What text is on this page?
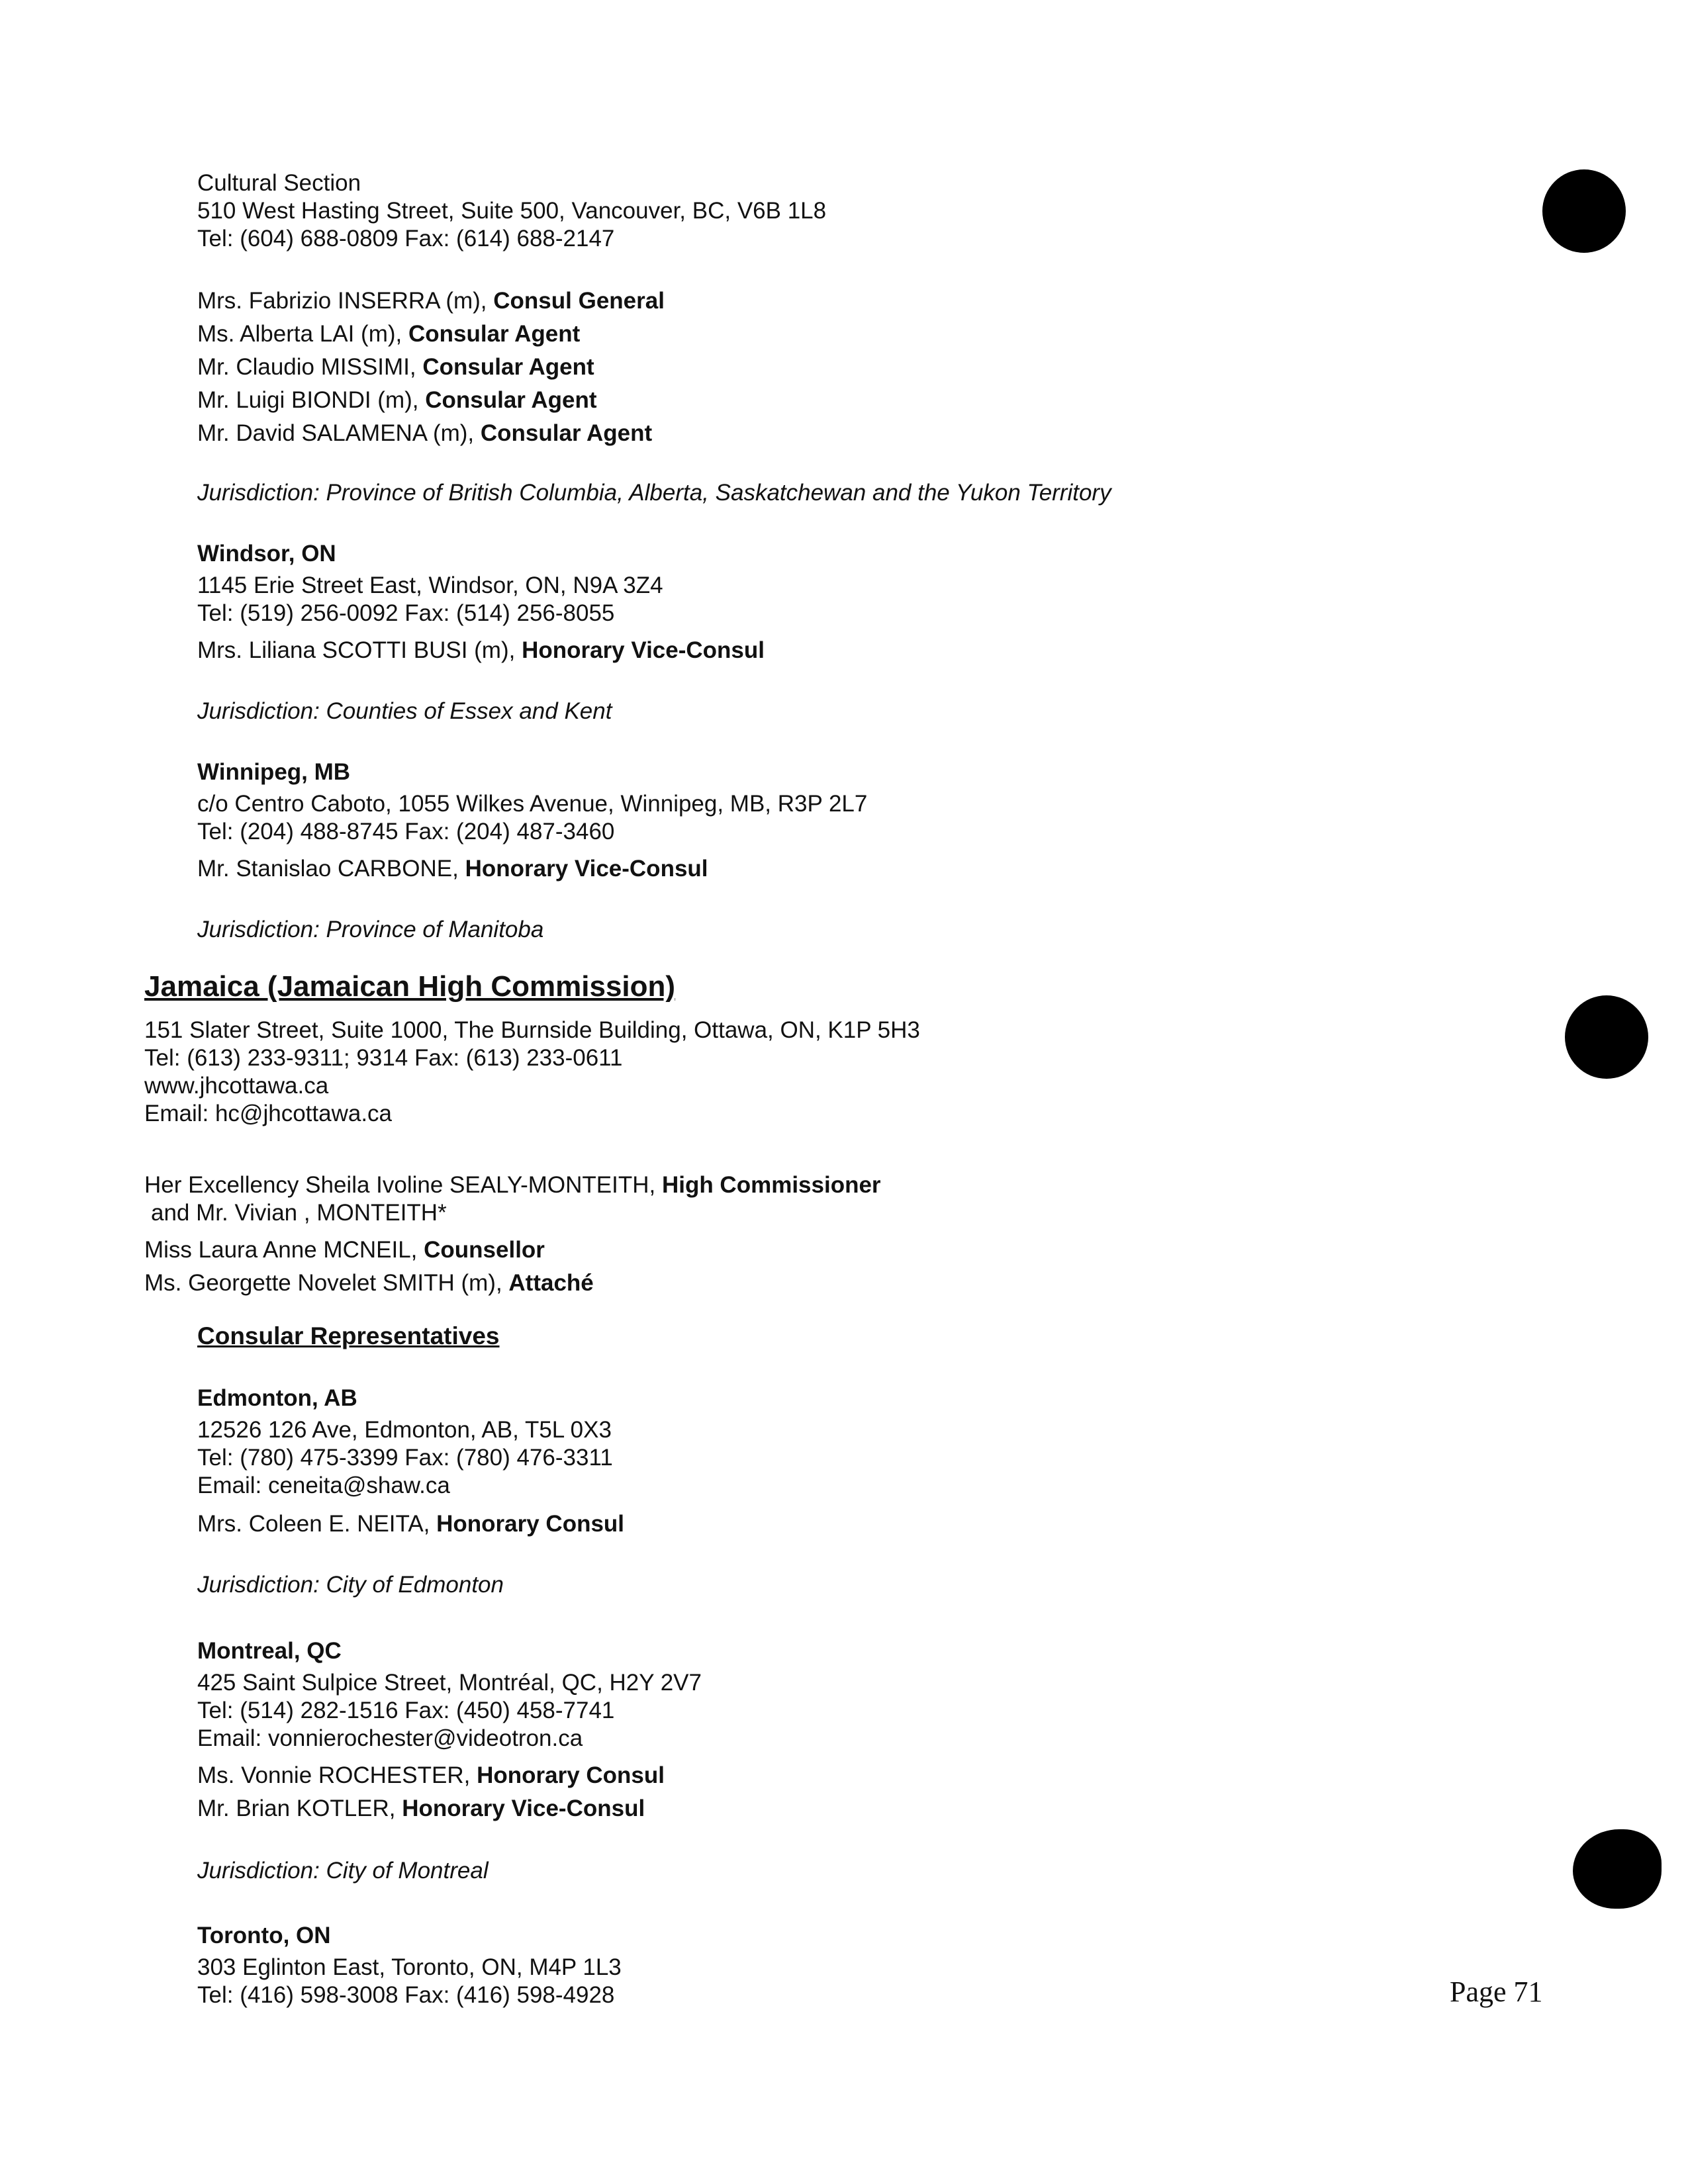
Cultural Section
510 West Hasting Street, Suite 500, Vancouver, BC, V6B 1L8
Tel: (604) 688-0809 Fax: (614) 688-2147
Mrs. Fabrizio INSERRA (m), Consul General
Ms. Alberta LAI (m), Consular Agent
Mr. Claudio MISSIMI, Consular Agent
Mr. Luigi BIONDI (m), Consular Agent
Mr. David SALAMENA (m), Consular Agent
Jurisdiction: Province of British Columbia, Alberta, Saskatchewan and the Yukon Territory
Windsor, ON
1145 Erie Street East, Windsor, ON, N9A 3Z4
Tel: (519) 256-0092 Fax: (514) 256-8055
Mrs. Liliana SCOTTI BUSI (m), Honorary Vice-Consul
Jurisdiction: Counties of Essex and Kent
Winnipeg, MB
c/o Centro Caboto, 1055 Wilkes Avenue, Winnipeg, MB, R3P 2L7
Tel: (204) 488-8745 Fax: (204) 487-3460
Mr. Stanislao CARBONE, Honorary Vice-Consul
Jurisdiction: Province of Manitoba
Jamaica (Jamaican High Commission)
151 Slater Street, Suite 1000, The Burnside Building, Ottawa, ON, K1P 5H3
Tel: (613) 233-9311; 9314 Fax: (613) 233-0611
www.jhcottawa.ca
Email: hc@jhcottawa.ca
Her Excellency Sheila Ivoline SEALY-MONTEITH, High Commissioner
and Mr. Vivian , MONTEITH*
Miss Laura Anne MCNEIL, Counsellor
Ms. Georgette Novelet SMITH (m), Attaché
Consular Representatives
Edmonton, AB
12526 126 Ave, Edmonton, AB, T5L 0X3
Tel: (780) 475-3399 Fax: (780) 476-3311
Email: ceneita@shaw.ca
Mrs. Coleen E. NEITA, Honorary Consul
Jurisdiction: City of Edmonton
Montreal, QC
425 Saint Sulpice Street, Montréal, QC, H2Y 2V7
Tel: (514) 282-1516 Fax: (450) 458-7741
Email: vonnierochester@videotron.ca
Ms. Vonnie ROCHESTER, Honorary Consul
Mr. Brian KOTLER, Honorary Vice-Consul
Jurisdiction: City of Montreal
Toronto, ON
303 Eglinton East, Toronto, ON, M4P 1L3
Tel: (416) 598-3008 Fax: (416) 598-4928	Page 71
